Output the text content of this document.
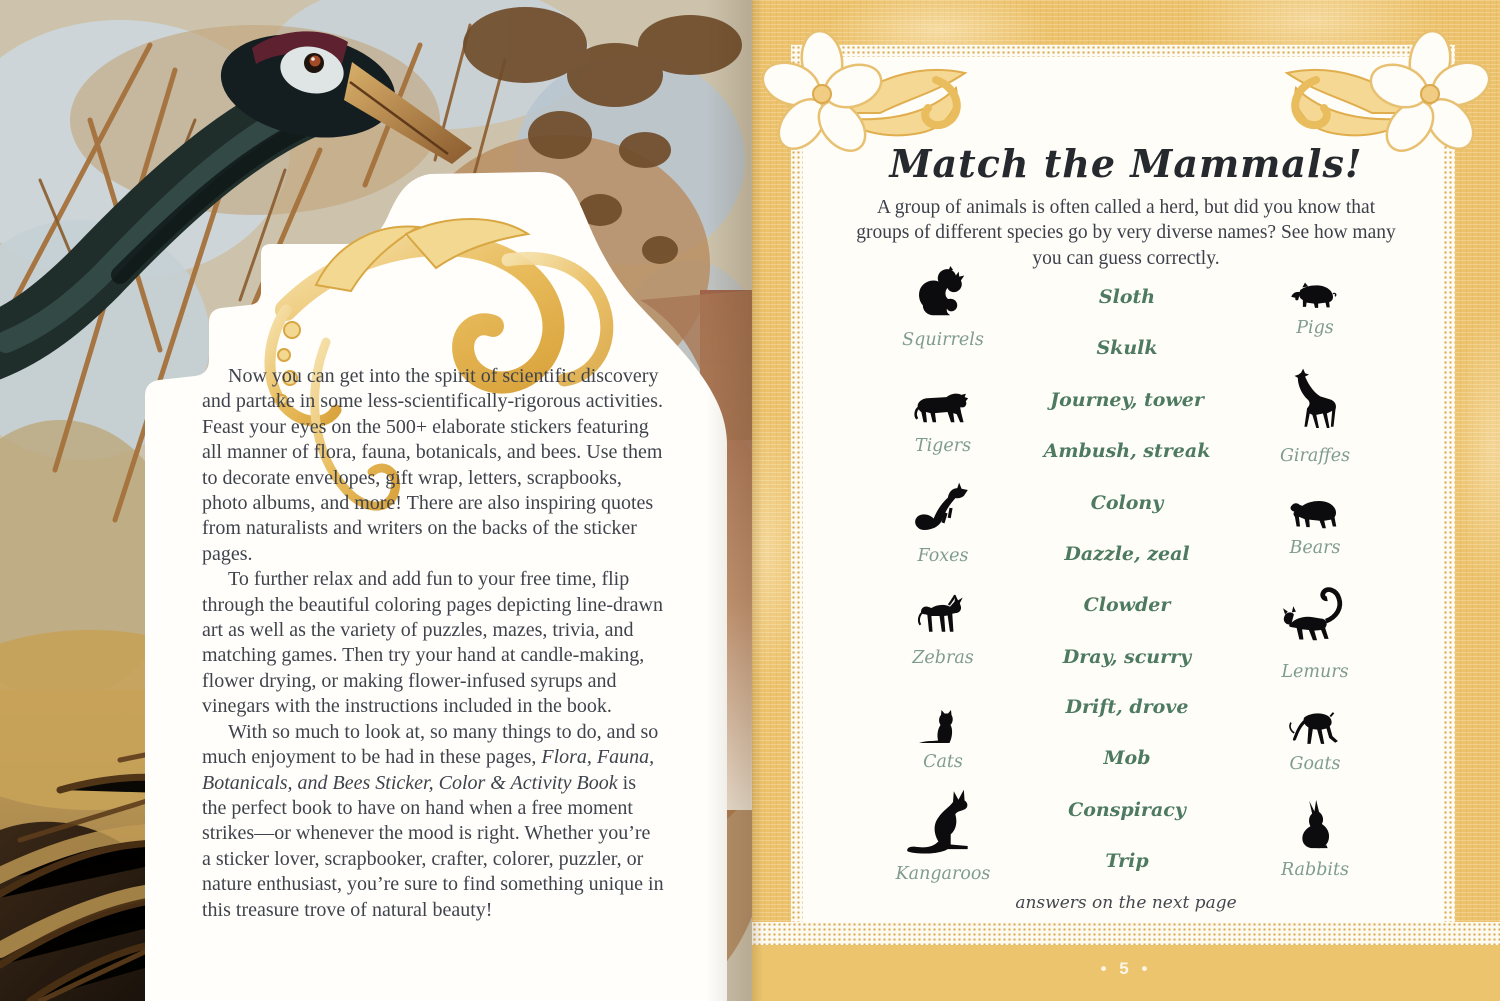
Now you can get into the spirit of scientific discovery and partake in some less-scientifically-rigorous activities. Feast your eyes on the 500+ elaborate stickers featuring all manner of flora, fauna, botanicals, and bees. Use them to decorate envelopes, gift wrap, letters, scrapbooks, photo albums, and more! There are also inspiring quotes from naturalists and writers on the backs of the sticker pages.

To further relax and add fun to your free time, flip through the beautiful coloring pages depicting line-drawn art as well as the variety of puzzles, mazes, trivia, and matching games. Then try your hand at candle-making, flower drying, or making flower-infused syrups and vinegars with the instructions included in the book.

With so much to look at, so many things to do, and so much enjoyment to be had in these pages, Flora, Fauna, Botanicals, and Bees Sticker, Color & Activity Book is the perfect book to have on hand when a free moment strikes—or whenever the mood is right. Whether you’re a sticker lover, scrapbooker, crafter, colorer, puzzler, or nature enthusiast, you’re sure to find something unique in this treasure trove of natural beauty!

• 5 •
Match the Mammals!

A group of animals is often called a herd, but did you know that groups of different species go by very diverse names? See how many you can guess correctly.

Sloth
Skulk
Journey, tower
Ambush, streak
Colony
Dazzle, zeal
Clowder
Dray, scurry
Drift, drove
Mob
Conspiracy
Trip
Squirrels
Tigers
Foxes
Zebras
Cats
Kangaroos
Pigs
Giraffes
Bears
Lemurs
Goats
Rabbits
answers on the next page
